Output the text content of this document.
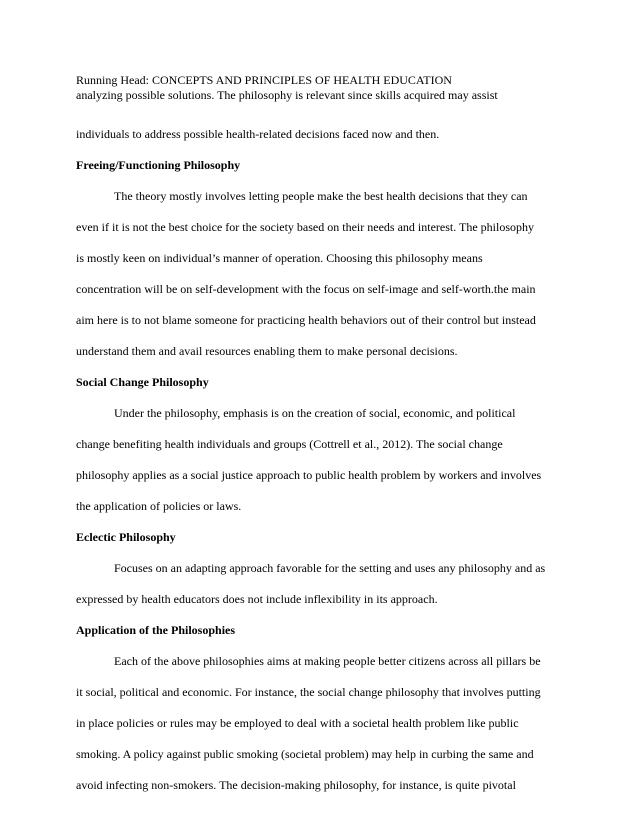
Running Head: CONCEPTS AND PRINCIPLES OF HEALTH EDUCATION
analyzing possible solutions. The philosophy is relevant since skills acquired may assist
individuals to address possible health-related decisions faced now and then.
Freeing/Functioning Philosophy
The theory mostly involves letting people make the best health decisions that they can
even if it is not the best choice for the society based on their needs and interest. The philosophy
is mostly keen on individual’s manner of operation. Choosing this philosophy means
concentration will be on self-development with the focus on self-image and self-worth.the main
aim here is to not blame someone for practicing health behaviors out of their control but instead
understand them and avail resources enabling them to make personal decisions.
Social Change Philosophy
Under the philosophy, emphasis is on the creation of social, economic, and political
change benefiting health individuals and groups (Cottrell et al., 2012). The social change
philosophy applies as a social justice approach to public health problem by workers and involves
the application of policies or laws.
Eclectic Philosophy
Focuses on an adapting approach favorable for the setting and uses any philosophy and as
expressed by health educators does not include inflexibility in its approach.
Application of the Philosophies
Each of the above philosophies aims at making people better citizens across all pillars be
it social, political and economic. For instance, the social change philosophy that involves putting
in place policies or rules may be employed to deal with a societal health problem like public
smoking. A policy against public smoking (societal problem) may help in curbing the same and
avoid infecting non-smokers. The decision-making philosophy, for instance, is quite pivotal
